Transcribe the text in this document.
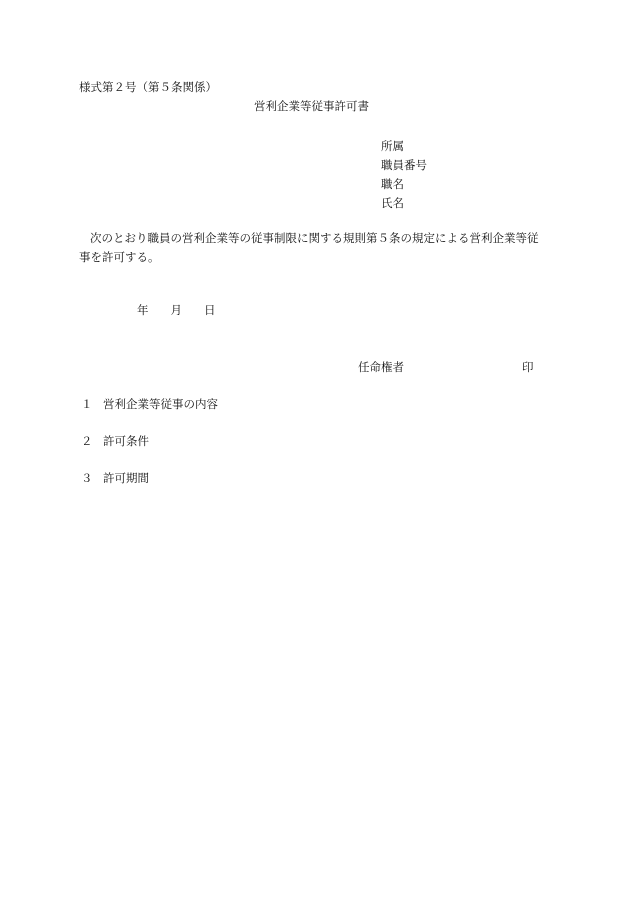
様式第２号（第５条関係）
営利企業等従事許可書
所属
職員番号
職名
氏名
次のとおり職員の営利企業等の従事制限に関する規則第５条の規定による営利企業等従事を許可する。
年 月 日
任命権者	印
１ 営利企業等従事の内容
２ 許可条件
３ 許可期間
